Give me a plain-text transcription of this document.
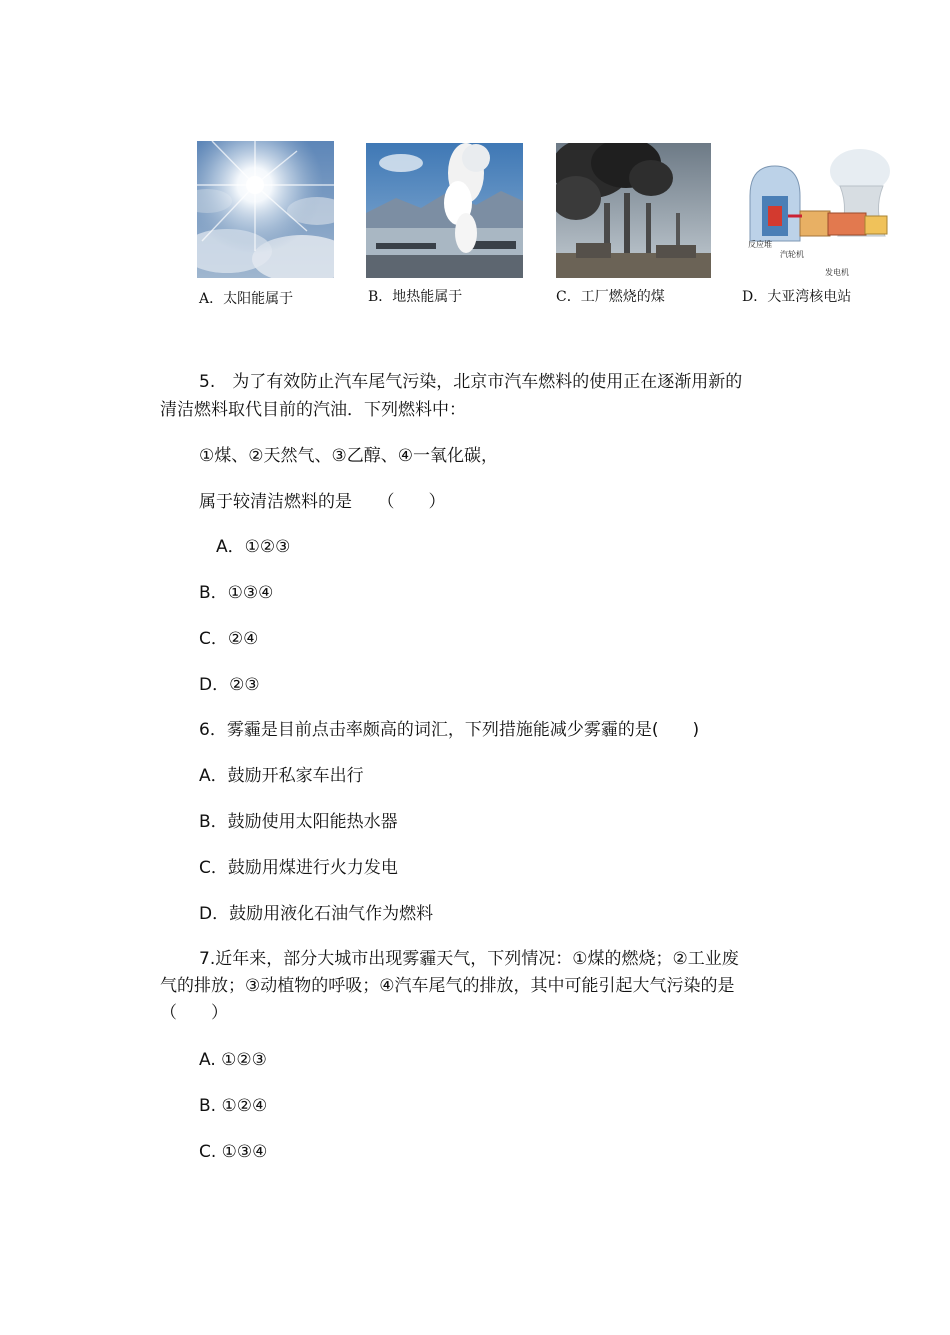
反应堆
汽轮机
发电机
A．太阳能属于	B．地热能属于	C．工厂燃烧的煤	D．大亚湾核电站
5.　为了有效防止汽车尾气污染，北京市汽车燃料的使用正在逐渐用新的
清洁燃料取代目前的汽油．下列燃料中：
①煤、②天然气、③乙醇、④一氧化碳，
属于较清洁燃料的是　　（　　）
A．①②③
B．①③④
C．②④
D．②③
6．雾霾是目前点击率颇高的词汇，下列措施能减少雾霾的是(　　)
A．鼓励开私家车出行
B．鼓励使用太阳能热水器
C．鼓励用煤进行火力发电
D．鼓励用液化石油气作为燃料
7.近年来，部分大城市出现雾霾天气，下列情况：①煤的燃烧；②工业废
气的排放；③动植物的呼吸；④汽车尾气的排放，其中可能引起大气污染的是
（　　）
A. ①②③
B. ①②④
C. ①③④
